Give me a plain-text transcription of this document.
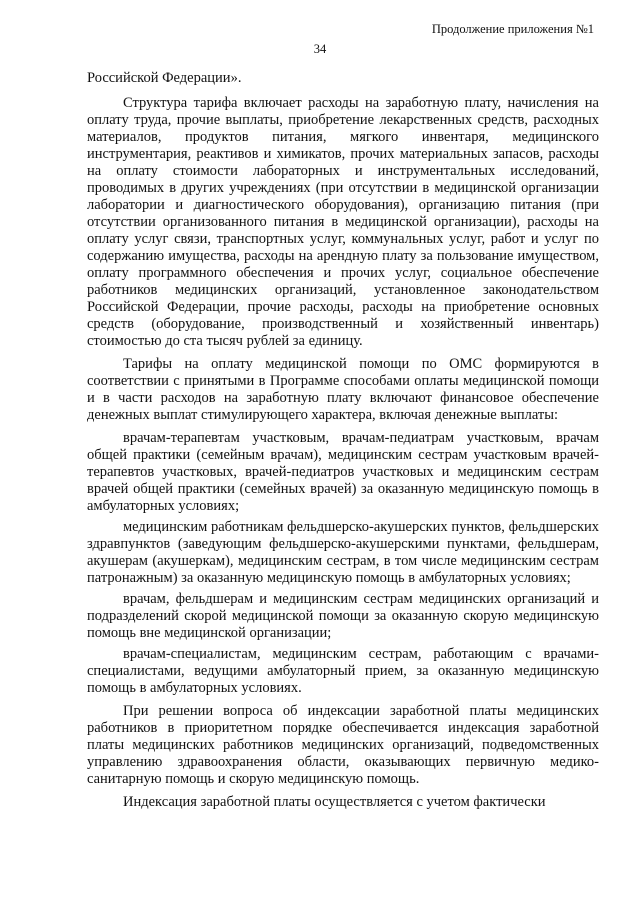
Продолжение приложения №1
34

Российской Федерации».

Структура тарифа включает расходы на заработную плату, начисления на оплату труда, прочие выплаты, приобретение лекарственных средств, расходных материалов, продуктов питания, мягкого инвентаря, медицинского инструментария, реактивов и химикатов, прочих материальных запасов, расходы на оплату стоимости лабораторных и инструментальных исследований, проводимых в других учреждениях (при отсутствии в медицинской организации лаборатории и диагностического оборудования), организацию питания (при отсутствии организованного питания в медицинской организации), расходы на оплату услуг связи, транспортных услуг, коммунальных услуг, работ и услуг по содержанию имущества, расходы на арендную плату за пользование имуществом, оплату программного обеспечения и прочих услуг, социальное обеспечение работников медицинских организаций, установленное законодательством Российской Федерации, прочие расходы, расходы на приобретение основных средств (оборудование, производственный и хозяйственный инвентарь) стоимостью до ста тысяч рублей за единицу.

Тарифы на оплату медицинской помощи по ОМС формируются в соответствии с принятыми в Программе способами оплаты медицинской помощи и в части расходов на заработную плату включают финансовое обеспечение денежных выплат стимулирующего характера, включая денежные выплаты:

врачам-терапевтам участковым, врачам-педиатрам участковым, врачам общей практики (семейным врачам), медицинским сестрам участковым врачей-терапевтов участковых, врачей-педиатров участковых и медицинским сестрам врачей общей практики (семейных врачей) за оказанную медицинскую помощь в амбулаторных условиях;

медицинским работникам фельдшерско-акушерских пунктов, фельдшерских здравпунктов (заведующим фельдшерско-акушерскими пунктами, фельдшерам, акушерам (акушеркам), медицинским сестрам, в том числе медицинским сестрам патронажным) за оказанную медицинскую помощь в амбулаторных условиях;

врачам, фельдшерам и медицинским сестрам медицинских организаций и подразделений скорой медицинской помощи за оказанную скорую медицинскую помощь вне медицинской организации;

врачам-специалистам, медицинским сестрам, работающим с врачами-специалистами, ведущими амбулаторный прием, за оказанную медицинскую помощь в амбулаторных условиях.

При решении вопроса об индексации заработной платы медицинских работников в приоритетном порядке обеспечивается индексация заработной платы медицинских работников медицинских организаций, подведомственных управлению здравоохранения области, оказывающих первичную медико-санитарную помощь и скорую медицинскую помощь.

Индексация заработной платы осуществляется с учетом фактически
